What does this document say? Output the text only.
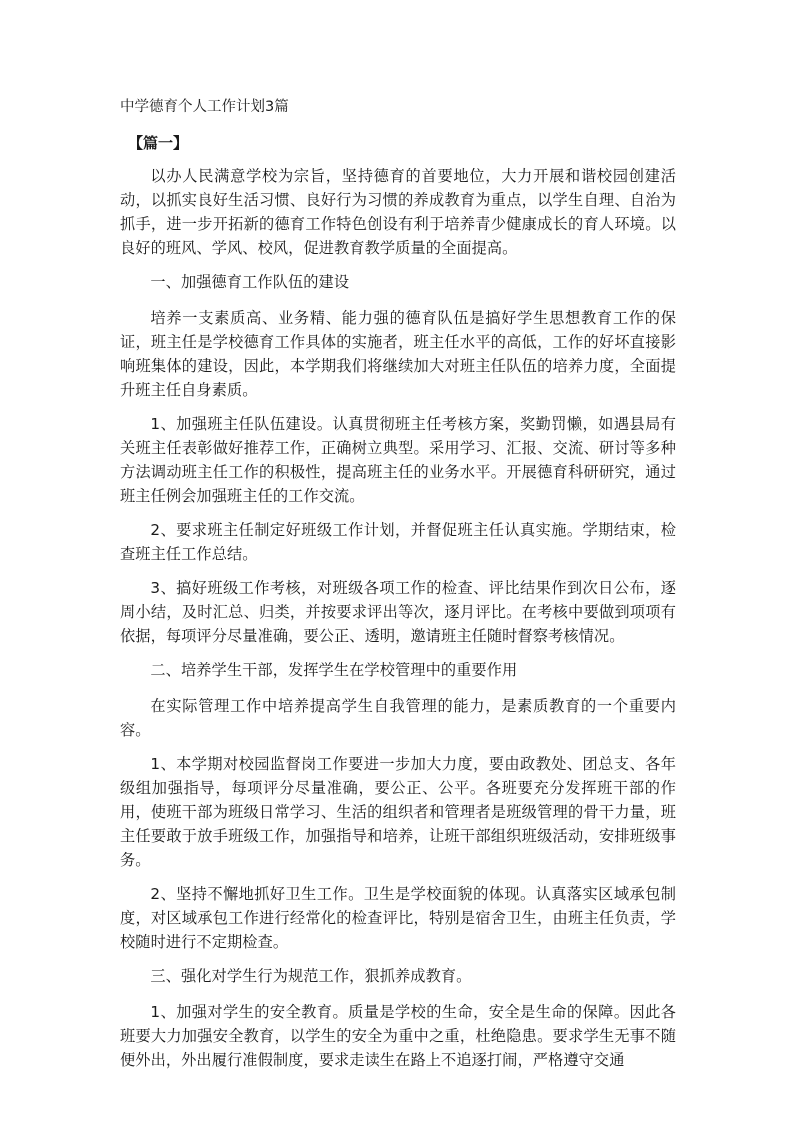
中学德育个人工作计划3篇
【篇一】

以办人民满意学校为宗旨，坚持德育的首要地位，大力开展和谐校园创建活动，以抓实良好生活习惯、良好行为习惯的养成教育为重点，以学生自理、自治为抓手，进一步开拓新的德育工作特色创设有利于培养青少健康成长的育人环境。以良好的班风、学风、校风，促进教育教学质量的全面提高。

一、加强德育工作队伍的建设

培养一支素质高、业务精、能力强的德育队伍是搞好学生思想教育工作的保证，班主任是学校德育工作具体的实施者，班主任水平的高低，工作的好坏直接影响班集体的建设，因此，本学期我们将继续加大对班主任队伍的培养力度，全面提升班主任自身素质。

1、加强班主任队伍建设。认真贯彻班主任考核方案，奖勤罚懒，如遇县局有关班主任表彰做好推荐工作，正确树立典型。采用学习、汇报、交流、研讨等多种方法调动班主任工作的积极性，提高班主任的业务水平。开展德育科研研究，通过班主任例会加强班主任的工作交流。

2、要求班主任制定好班级工作计划，并督促班主任认真实施。学期结束，检查班主任工作总结。

3、搞好班级工作考核，对班级各项工作的检查、评比结果作到次日公布，逐周小结，及时汇总、归类，并按要求评出等次，逐月评比。在考核中要做到项项有依据，每项评分尽量准确，要公正、透明，邀请班主任随时督察考核情况。

二、培养学生干部，发挥学生在学校管理中的重要作用

在实际管理工作中培养提高学生自我管理的能力，是素质教育的一个重要内容。

1、本学期对校园监督岗工作要进一步加大力度，要由政教处、团总支、各年级组加强指导，每项评分尽量准确，要公正、公平。各班要充分发挥班干部的作用，使班干部为班级日常学习、生活的组织者和管理者是班级管理的骨干力量，班主任要敢于放手班级工作，加强指导和培养，让班干部组织班级活动，安排班级事务。

2、坚持不懈地抓好卫生工作。卫生是学校面貌的体现。认真落实区域承包制度，对区域承包工作进行经常化的检查评比，特别是宿舍卫生，由班主任负责，学校随时进行不定期检查。

三、强化对学生行为规范工作，狠抓养成教育。

1、加强对学生的安全教育。质量是学校的生命，安全是生命的保障。因此各班要大力加强安全教育，以学生的安全为重中之重，杜绝隐患。要求学生无事不随便外出，外出履行准假制度，要求走读生在路上不追逐打闹，严格遵守交通
